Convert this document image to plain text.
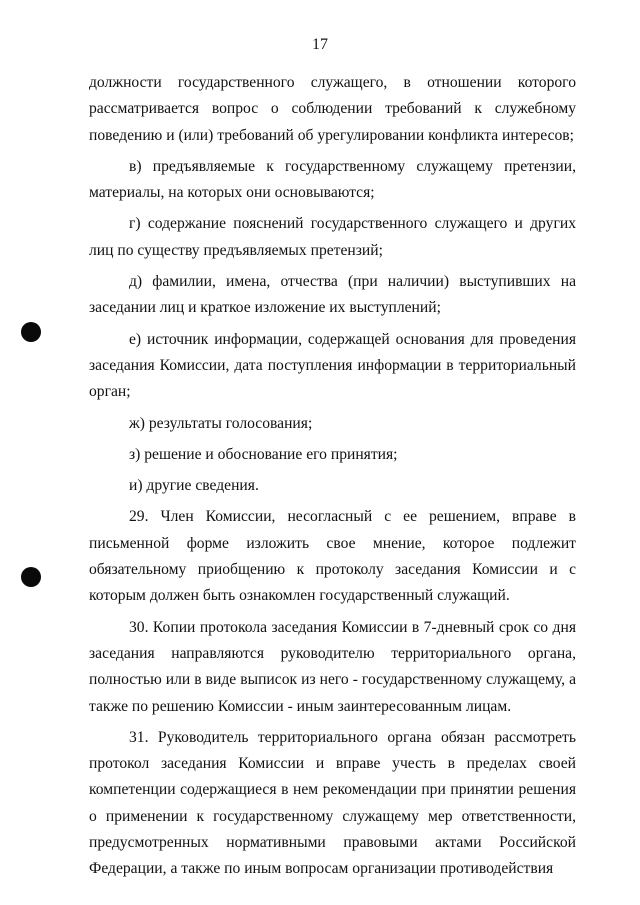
17

должности государственного служащего, в отношении которого рассматривается вопрос о соблюдении требований к служебному поведению и (или) требований об урегулировании конфликта интересов;

в) предъявляемые к государственному служащему претензии, материалы, на которых они основываются;

г) содержание пояснений государственного служащего и других лиц по существу предъявляемых претензий;

д) фамилии, имена, отчества (при наличии) выступивших на заседании лиц и краткое изложение их выступлений;

е) источник информации, содержащей основания для проведения заседания Комиссии, дата поступления информации в территориальный орган;

ж) результаты голосования;

з) решение и обоснование его принятия;

и) другие сведения.

29. Член Комиссии, несогласный с ее решением, вправе в письменной форме изложить свое мнение, которое подлежит обязательному приобщению к протоколу заседания Комиссии и с которым должен быть ознакомлен государственный служащий.

30. Копии протокола заседания Комиссии в 7-дневный срок со дня заседания направляются руководителю территориального органа, полностью или в виде выписок из него - государственному служащему, а также по решению Комиссии - иным заинтересованным лицам.

31. Руководитель территориального органа обязан рассмотреть протокол заседания Комиссии и вправе учесть в пределах своей компетенции содержащиеся в нем рекомендации при принятии решения о применении к государственному служащему мер ответственности, предусмотренных нормативными правовыми актами Российской Федерации, а также по иным вопросам организации противодействия
